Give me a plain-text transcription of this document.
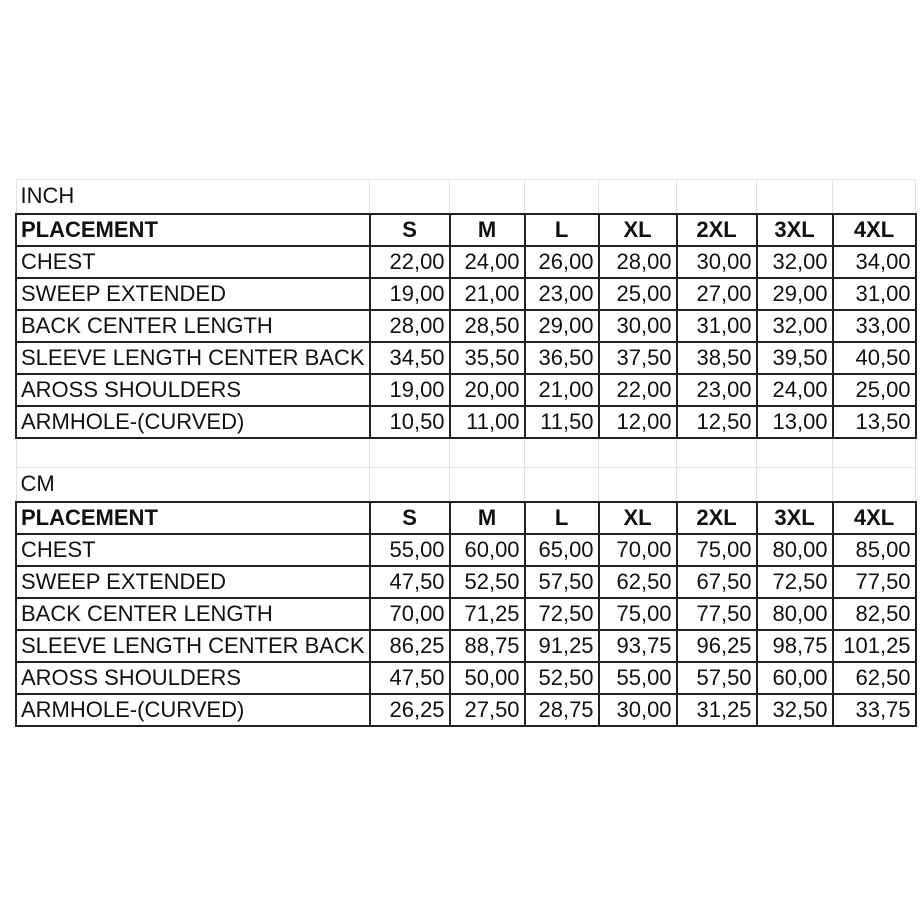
INCH							
PLACEMENT	S	M	L	XL	2XL	3XL	4XL
CHEST	22,00	24,00	26,00	28,00	30,00	32,00	34,00
SWEEP EXTENDED	19,00	21,00	23,00	25,00	27,00	29,00	31,00
BACK CENTER LENGTH	28,00	28,50	29,00	30,00	31,00	32,00	33,00
SLEEVE LENGTH CENTER BACK	34,50	35,50	36,50	37,50	38,50	39,50	40,50
AROSS SHOULDERS	19,00	20,00	21,00	22,00	23,00	24,00	25,00
ARMHOLE-(CURVED)	10,50	11,00	11,50	12,00	12,50	13,00	13,50

CM							
PLACEMENT	S	M	L	XL	2XL	3XL	4XL
CHEST	55,00	60,00	65,00	70,00	75,00	80,00	85,00
SWEEP EXTENDED	47,50	52,50	57,50	62,50	67,50	72,50	77,50
BACK CENTER LENGTH	70,00	71,25	72,50	75,00	77,50	80,00	82,50
SLEEVE LENGTH CENTER BACK	86,25	88,75	91,25	93,75	96,25	98,75	101,25
AROSS SHOULDERS	47,50	50,00	52,50	55,00	57,50	60,00	62,50
ARMHOLE-(CURVED)	26,25	27,50	28,75	30,00	31,25	32,50	33,75
